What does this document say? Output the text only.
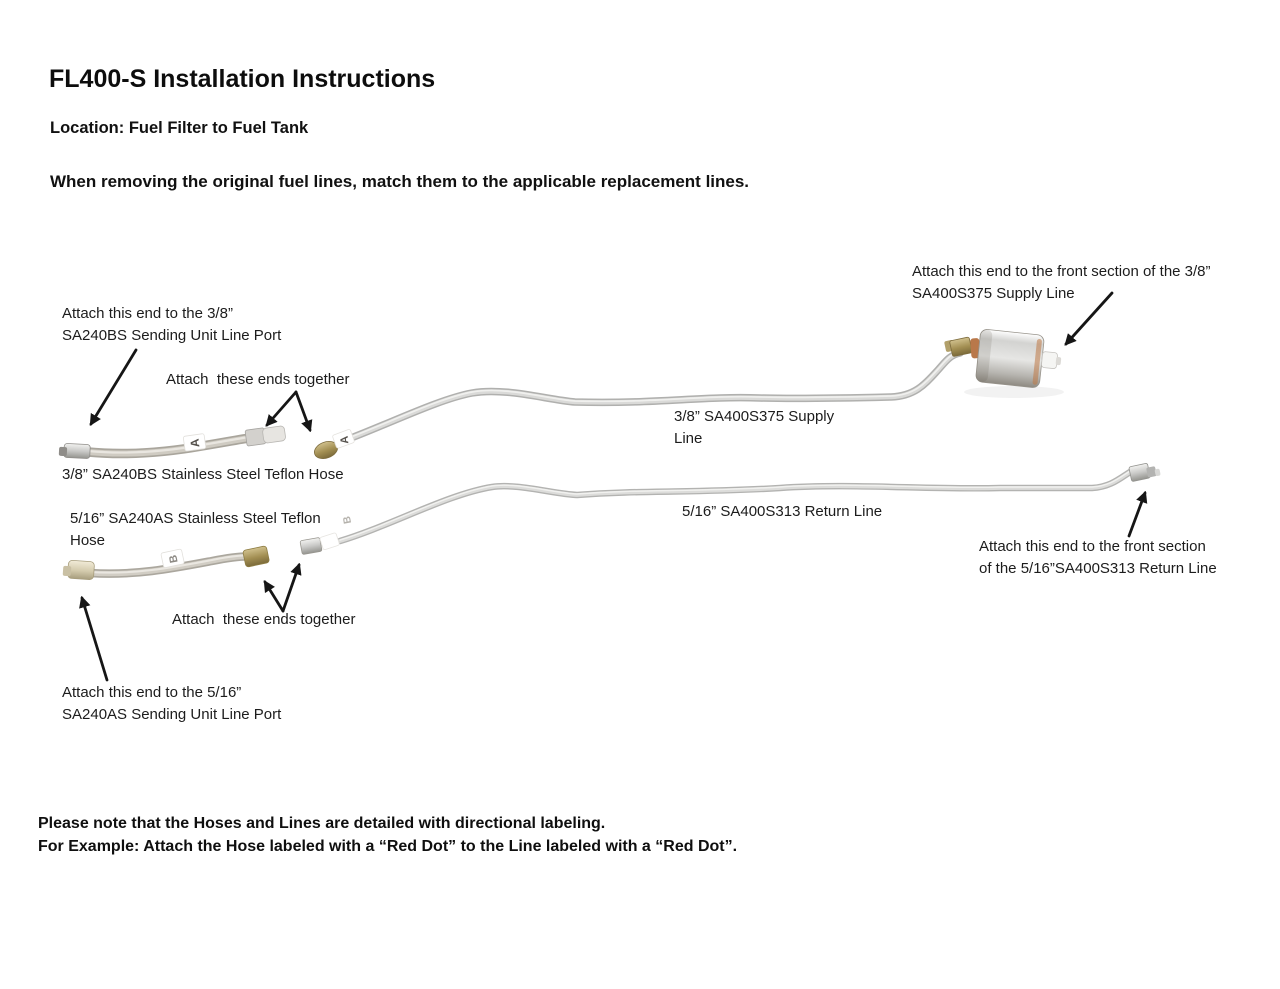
FL400-S Installation Instructions
Location: Fuel Filter to Fuel Tank
When removing the original fuel lines, match them to the applicable replacement lines.
A	A
B
B
Attach this end to the front section of the 3/8” SA400S375 Supply Line
Attach this end to the 3/8” SA240BS Sending Unit Line Port
Attach  these ends together
3/8” SA240BS Stainless Steel Teflon Hose
3/8” SA400S375 Supply Line
5/16” SA240AS Stainless Steel Teflon Hose
5/16” SA400S313 Return Line
Attach  these ends together
Attach this end to the 5/16” SA240AS Sending Unit Line Port
Attach this end to the front section of the 5/16”SA400S313 Return Line
Please note that the Hoses and Lines are detailed with directional labeling.
For Example: Attach the Hose labeled with a “Red Dot” to the Line labeled with a “Red Dot”.
